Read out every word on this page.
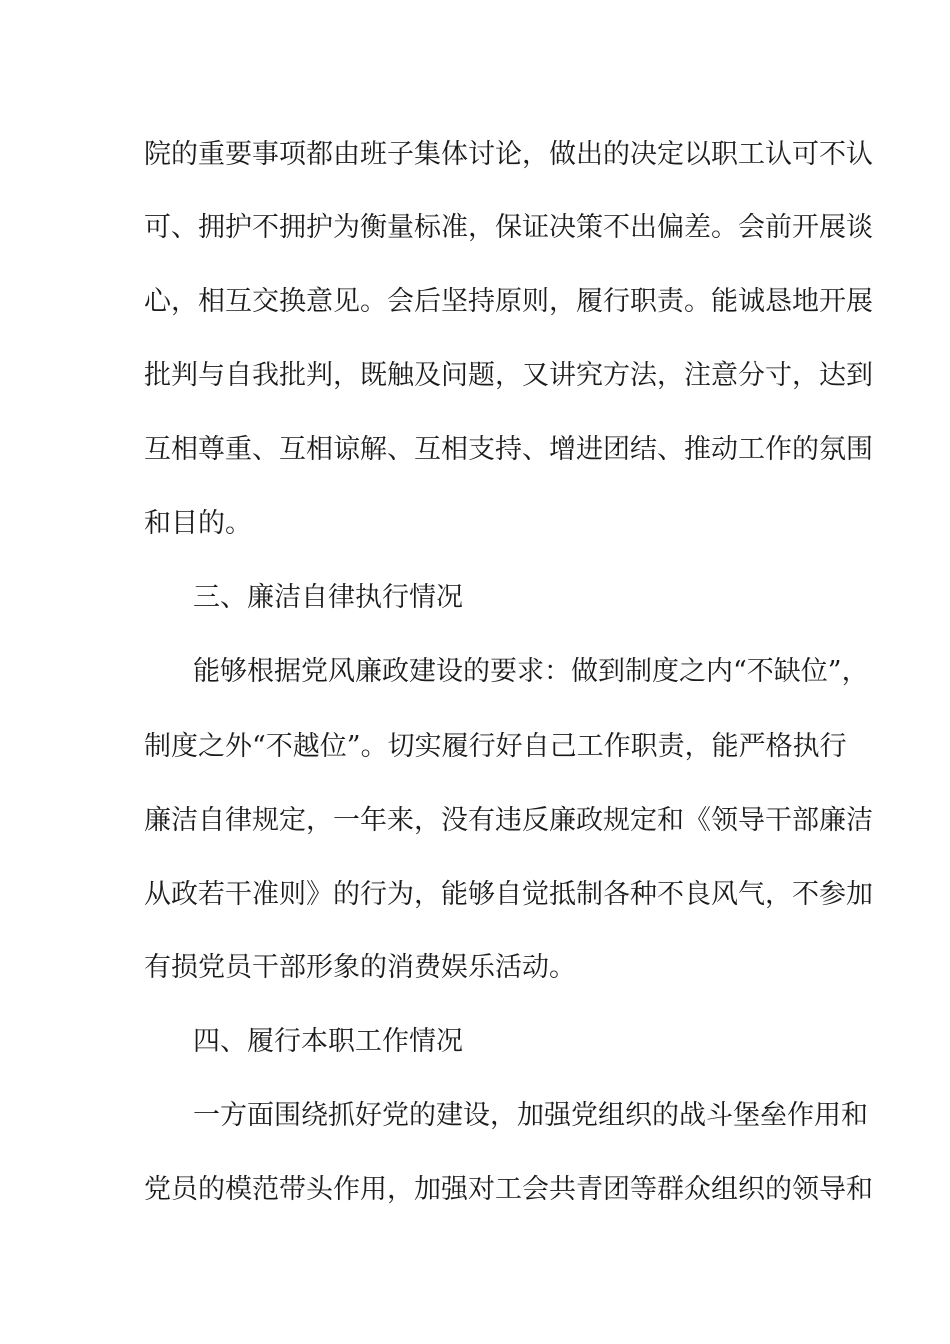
院的重要事项都由班子集体讨论，做出的决定以职工认可不认
可、拥护不拥护为衡量标准，保证决策不出偏差。会前开展谈
心，相互交换意见。会后坚持原则，履行职责。能诚恳地开展
批判与自我批判，既触及问题，又讲究方法，注意分寸，达到
互相尊重、互相谅解、互相支持、增进团结、推动工作的氛围
和目的。
三、廉洁自律执行情况
能够根据党风廉政建设的要求：做到制度之内“不缺位”，
制度之外“不越位”。切实履行好自己工作职责，能严格执行
廉洁自律规定，一年来，没有违反廉政规定和《领导干部廉洁
从政若干准则》的行为，能够自觉抵制各种不良风气，不参加
有损党员干部形象的消费娱乐活动。
四、履行本职工作情况
一方面围绕抓好党的建设，加强党组织的战斗堡垒作用和
党员的模范带头作用，加强对工会共青团等群众组织的领导和
